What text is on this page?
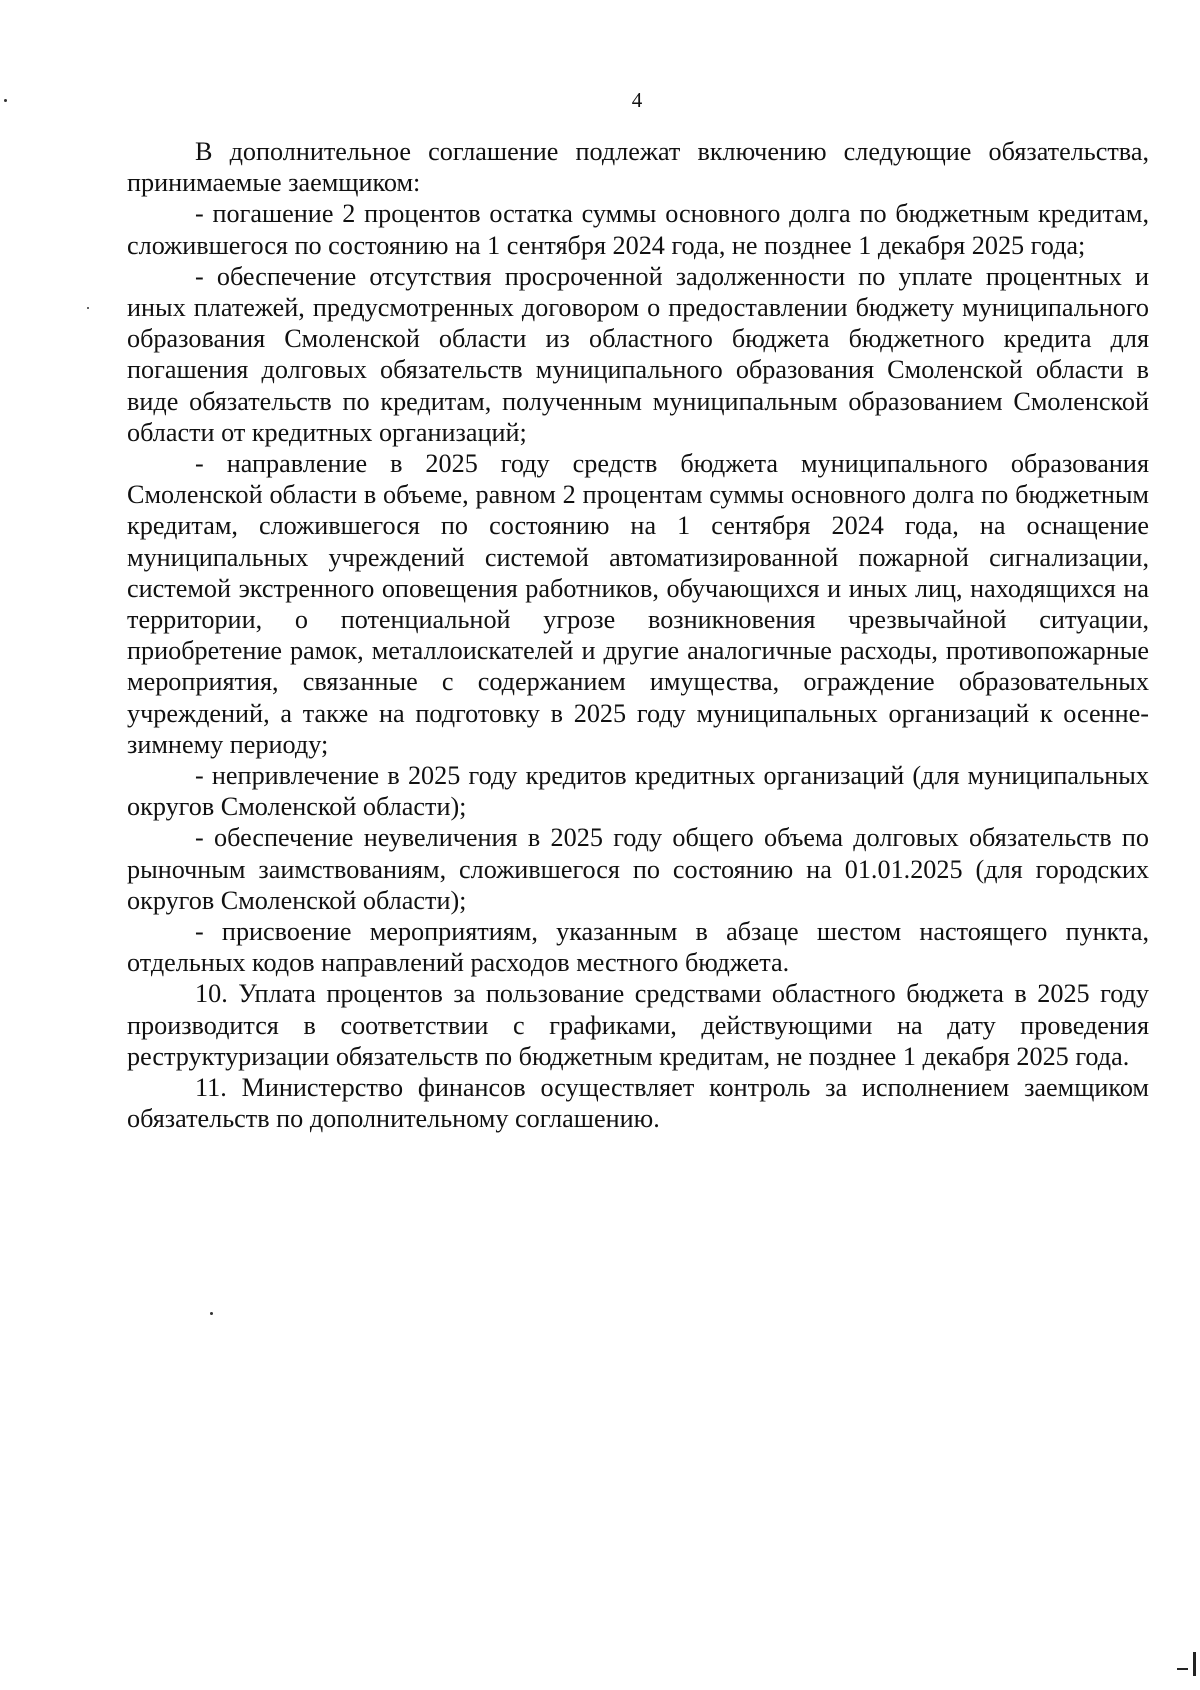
4

В дополнительное соглашение подлежат включению следующие обязательства, принимаемые заемщиком:

- погашение 2 процентов остатка суммы основного долга по бюджетным кредитам, сложившегося по состоянию на 1 сентября 2024 года, не позднее 1 декабря 2025 года;

- обеспечение отсутствия просроченной задолженности по уплате процентных и иных платежей, предусмотренных договором о предоставлении бюджету муниципального образования Смоленской области из областного бюджета бюджетного кредита для погашения долговых обязательств муниципального образования Смоленской области в виде обязательств по кредитам, полученным муниципальным образованием Смоленской области от кредитных организаций;

- направление в 2025 году средств бюджета муниципального образования Смоленской области в объеме, равном 2 процентам суммы основного долга по бюджетным кредитам, сложившегося по состоянию на 1 сентября 2024 года, на оснащение муниципальных учреждений системой автоматизированной пожарной сигнализации, системой экстренного оповещения работников, обучающихся и иных лиц, находящихся на территории, о потенциальной угрозе возникновения чрезвычайной ситуации, приобретение рамок, металлоискателей и другие аналогичные расходы, противопожарные мероприятия, связанные с содержанием имущества, ограждение образовательных учреждений, а также на подготовку в 2025 году муниципальных организаций к осенне-зимнему периоду;

- непривлечение в 2025 году кредитов кредитных организаций (для муниципальных округов Смоленской области);

- обеспечение неувеличения в 2025 году общего объема долговых обязательств по рыночным заимствованиям, сложившегося по состоянию на 01.01.2025 (для городских округов Смоленской области);

- присвоение мероприятиям, указанным в абзаце шестом настоящего пункта, отдельных кодов направлений расходов местного бюджета.

10. Уплата процентов за пользование средствами областного бюджета в 2025 году производится в соответствии с графиками, действующими на дату проведения реструктуризации обязательств по бюджетным кредитам, не позднее 1 декабря 2025 года.

11. Министерство финансов осуществляет контроль за исполнением заемщиком обязательств по дополнительному соглашению.
